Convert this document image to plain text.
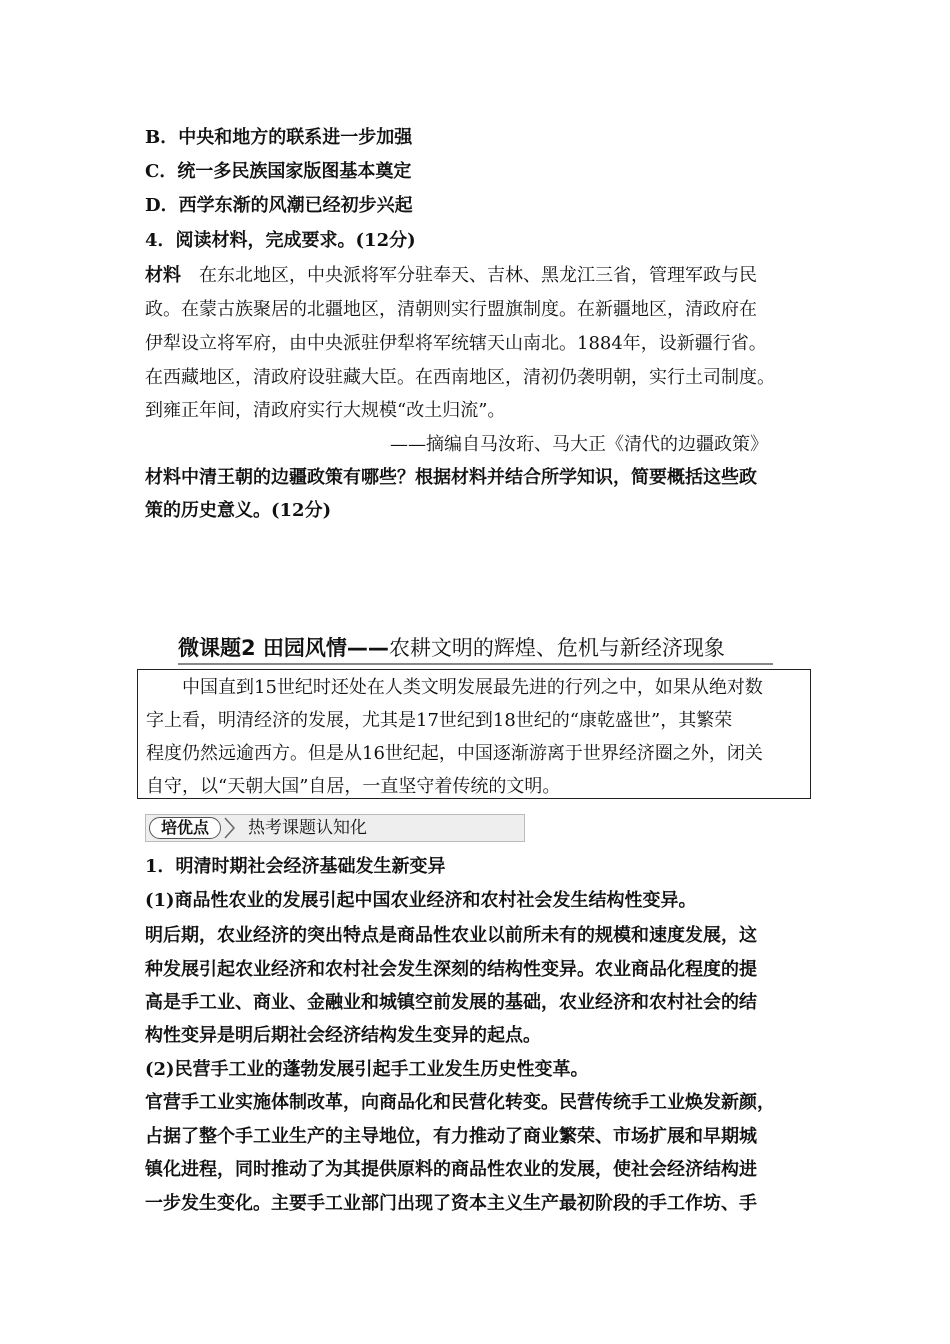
B．中央和地方的联系进一步加强
C．统一多民族国家版图基本奠定
D．西学东渐的风潮已经初步兴起
4．阅读材料，完成要求。(12分)
材料  在东北地区，中央派将军分驻奉天、吉林、黑龙江三省，管理军政与民
政。在蒙古族聚居的北疆地区，清朝则实行盟旗制度。在新疆地区，清政府在
伊犁设立将军府，由中央派驻伊犁将军统辖天山南北。1884年，设新疆行省。
在西藏地区，清政府设驻藏大臣。在西南地区，清初仍袭明朝，实行土司制度。
到雍正年间，清政府实行大规模“改土归流”。
——摘编自马汝珩、马大正《清代的边疆政策》
材料中清王朝的边疆政策有哪些？根据材料并结合所学知识，简要概括这些政
策的历史意义。(12分)
微课题2 田园风情——农耕文明的辉煌、危机与新经济现象
中国直到15世纪时还处在人类文明发展最先进的行列之中，如果从绝对数
字上看，明清经济的发展，尤其是17世纪到18世纪的“康乾盛世”，其繁荣
程度仍然远逾西方。但是从16世纪起，中国逐渐游离于世界经济圈之外，闭关
自守，以“天朝大国”自居，一直坚守着传统的文明。
培优点	热考课题认知化
1．明清时期社会经济基础发生新变异
(1)商品性农业的发展引起中国农业经济和农村社会发生结构性变异。
明后期，农业经济的突出特点是商品性农业以前所未有的规模和速度发展，这
种发展引起农业经济和农村社会发生深刻的结构性变异。农业商品化程度的提
高是手工业、商业、金融业和城镇空前发展的基础，农业经济和农村社会的结
构性变异是明后期社会经济结构发生变异的起点。
(2)民营手工业的蓬勃发展引起手工业发生历史性变革。
官营手工业实施体制改革，向商品化和民营化转变。民营传统手工业焕发新颜，
占据了整个手工业生产的主导地位，有力推动了商业繁荣、市场扩展和早期城
镇化进程，同时推动了为其提供原料的商品性农业的发展，使社会经济结构进
一步发生变化。主要手工业部门出现了资本主义生产最初阶段的手工作坊、手
